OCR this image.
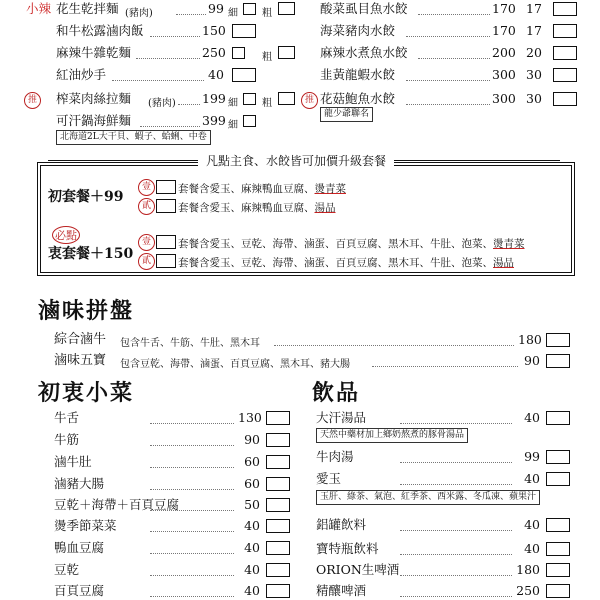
小辣 花生乾拌麵 (豬肉)	99 細 粗
和牛松露滷肉飯	150
麻辣牛雜乾麵	250	粗
紅油炒手	40
推	榨菜肉絲拉麵 (豬肉) 199 細 粗
可汗鍋海鮮麵	399 細
北海道2L大干貝、蝦子、蛤蜊、中卷
酸菜虱目魚水餃	170 17
海菜豬肉水餃	170 17
麻辣水煮魚水餃	200 20
韭黃龍蝦水餃	300 30
推 花菇鮑魚水餃	300 30
龍少爺聯名
凡點主食、水餃皆可加價升級套餐
初套餐＋99
壹	套餐含愛玉、麻辣鴨血豆腐、燙青菜
貳	套餐含愛玉、麻辣鴨血豆腐、湯品
必點
衷套餐＋150
壹	套餐含愛玉、豆乾、海帶、滷蛋、百頁豆腐、黑木耳、牛肚、泡菜、燙青菜
貳	套餐含愛玉、豆乾、海帶、滷蛋、百頁豆腐、黑木耳、牛肚、泡菜、湯品
滷味拼盤
綜合滷牛 包含牛舌、牛筋、牛肚、黑木耳	180
滷味五寶 包含豆乾、海帶、滷蛋、百頁豆腐、黑木耳、豬大腸	90
初衷小菜
牛舌	130
牛筋	90
滷牛肚	60
滷豬大腸	60
豆乾＋海帶＋百頁豆腐	50
燙季節菜菜	40
鴨血豆腐	40
豆乾	40
百頁豆腐	40
飲品
大汗湯品	40
牛肉湯	99
愛玉	40
鋁罐飲料	40
寶特瓶飲料	40
ORION生啤酒	180
精釀啤酒	250
天然中藥材加上鄉奶熬煮的豚骨湯品
玉肝、綠茶、氣泡、紅季茶、西米露、冬瓜凍、蘋果汁
